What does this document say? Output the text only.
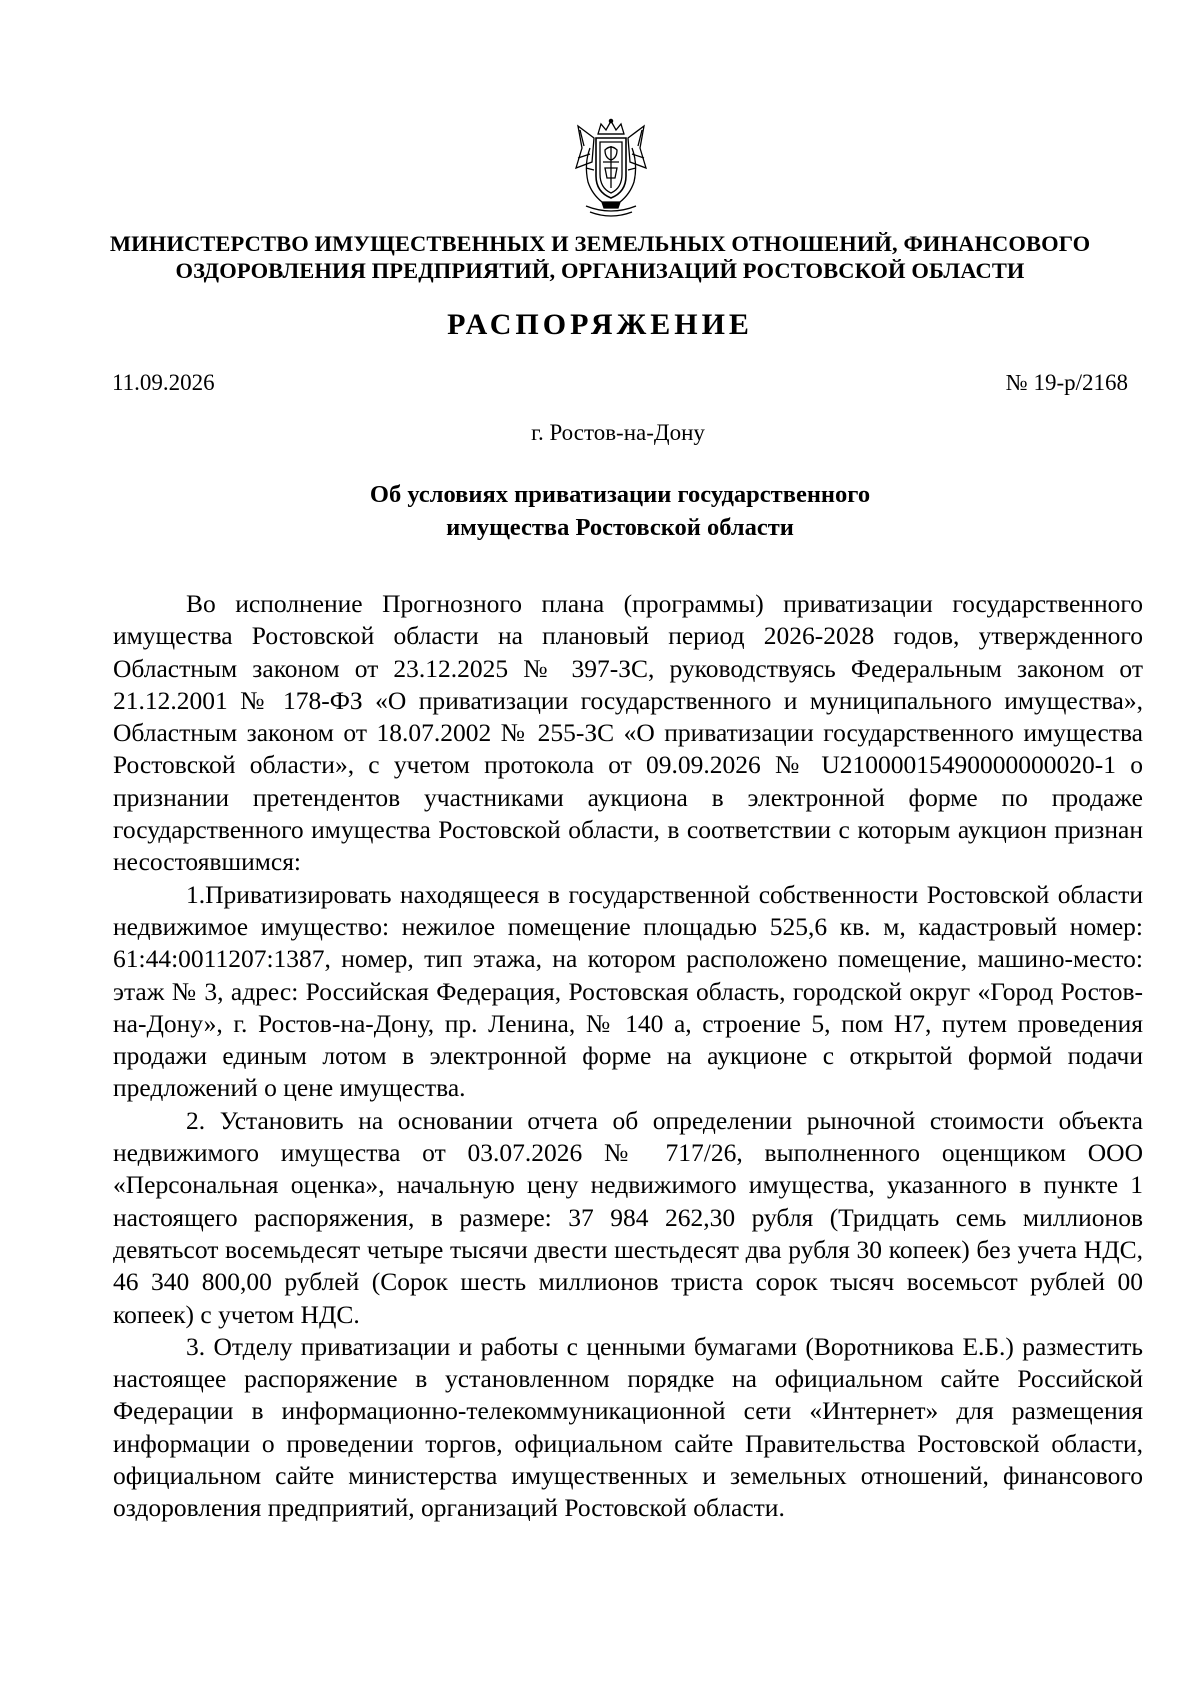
МИНИСТЕРСТВО ИМУЩЕСТВЕННЫХ И ЗЕМЕЛЬНЫХ ОТНОШЕНИЙ, ФИНАНСОВОГО
ОЗДОРОВЛЕНИЯ ПРЕДПРИЯТИЙ, ОРГАНИЗАЦИЙ РОСТОВСКОЙ ОБЛАСТИ
РАСПОРЯЖЕНИЕ
11.09.2026	№ 19-р/2168
г. Ростов-на-Дону
Об условиях приватизации государственного
имущества Ростовской области

Во исполнение Прогнозного плана (программы) приватизации государственного имущества Ростовской области на плановый период 2026-2028 годов, утвержденного Областным законом от 23.12.2025 № 397-ЗС, руководствуясь Федеральным законом от 21.12.2001 № 178-ФЗ «О приватизации государственного и муниципального имущества», Областным законом от 18.07.2002 № 255-ЗС «О приватизации государственного имущества Ростовской области», с учетом протокола от 09.09.2026 № U21000015490000000020-1 о признании претендентов участниками аукциона в электронной форме по продаже государственного имущества Ростовской области, в соответствии с которым аукцион признан несостоявшимся:

1.Приватизировать находящееся в государственной собственности Ростовской области недвижимое имущество: нежилое помещение площадью 525,6 кв. м, кадастровый номер: 61:44:0011207:1387, номер, тип этажа, на котором расположено помещение, машино-место: этаж № 3, адрес: Российская Федерация, Ростовская область, городской округ «Город Ростов-на-Дону», г. Ростов-на-Дону, пр. Ленина, № 140 а, строение 5, пом Н7, путем проведения продажи единым лотом в электронной форме на аукционе с открытой формой подачи предложений о цене имущества.

2. Установить на основании отчета об определении рыночной стоимости объекта недвижимого имущества от 03.07.2026 № 717/26, выполненного оценщиком ООО «Персональная оценка», начальную цену недвижимого имущества, указанного в пункте 1 настоящего распоряжения, в размере: 37 984 262,30 рубля (Тридцать семь миллионов девятьсот восемьдесят четыре тысячи двести шестьдесят два рубля 30 копеек) без учета НДС, 46 340 800,00 рублей (Сорок шесть миллионов триста сорок тысяч восемьсот рублей 00 копеек) с учетом НДС.

3. Отделу приватизации и работы с ценными бумагами (Воротникова Е.Б.) разместить настоящее распоряжение в установленном порядке на официальном сайте Российской Федерации в информационно-телекоммуникационной сети «Интернет» для размещения информации о проведении торгов, официальном сайте Правительства Ростовской области, официальном сайте министерства имущественных и земельных отношений, финансового оздоровления предприятий, организаций Ростовской области.
